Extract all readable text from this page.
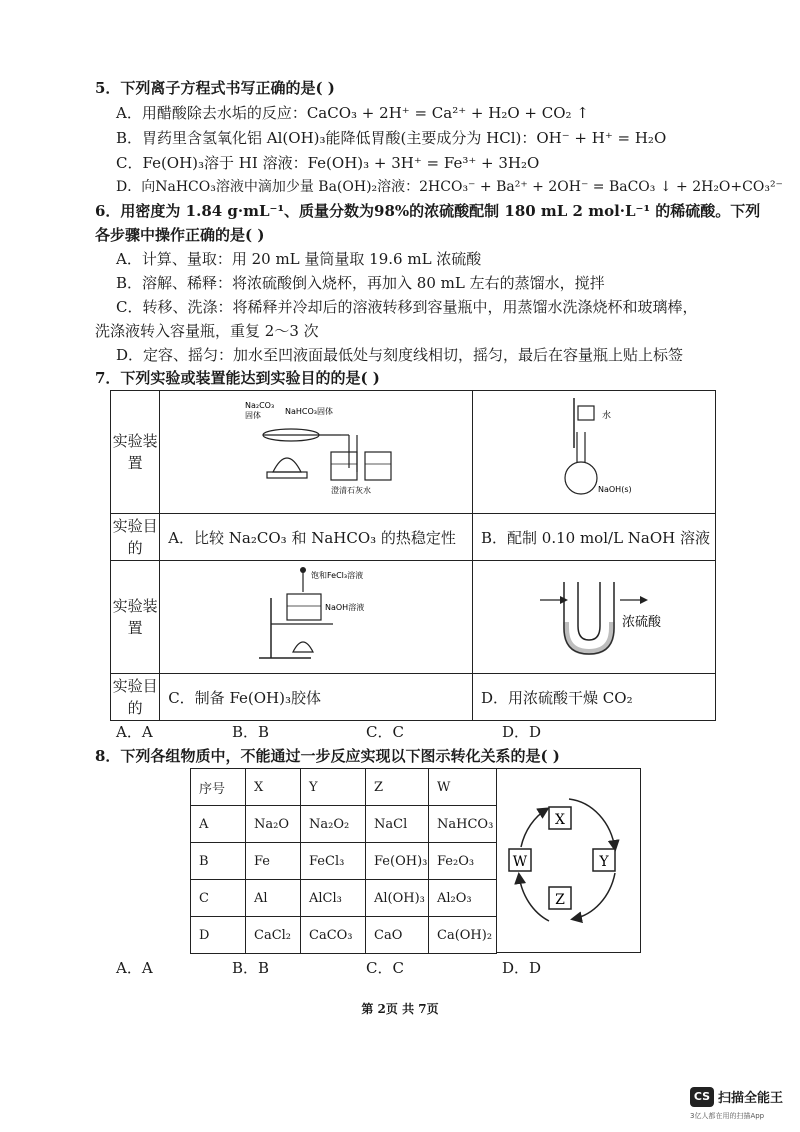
5．下列离子方程式书写正确的是( )
A．用醋酸除去水垢的反应：CaCO₃ + 2H⁺ = Ca²⁺ + H₂O + CO₂ ↑
B．胃药里含氢氧化铝 Al(OH)₃能降低胃酸(主要成分为 HCl)：OH⁻ + H⁺ = H₂O
C．Fe(OH)₃溶于 HI 溶液：Fe(OH)₃ + 3H⁺ = Fe³⁺ + 3H₂O
D．向NaHCO₃溶液中滴加少量 Ba(OH)₂溶液：2HCO₃⁻ + Ba²⁺ + 2OH⁻ = BaCO₃ ↓ + 2H₂O+CO₃²⁻
6．用密度为 1.84 g·mL⁻¹、质量分数为98%的浓硫酸配制 180 mL 2 mol·L⁻¹ 的稀硫酸。下列
各步骤中操作正确的是( )
A．计算、量取：用 20 mL 量筒量取 19.6 mL 浓硫酸
B．溶解、稀释：将浓硫酸倒入烧杯，再加入 80 mL 左右的蒸馏水，搅拌
C．转移、洗涤：将稀释并冷却后的溶液转移到容量瓶中，用蒸馏水洗涤烧杯和玻璃棒，
洗涤液转入容量瓶，重复 2～3 次
D．定容、摇匀：加水至凹液面最低处与刻度线相切，摇匀，最后在容量瓶上贴上标签
7．下列实验或装置能达到实验目的的是( )
实验装置	Na₂CO₃
固体 NaHCO₃固体
澄清石灰水	水
NaOH(s)

实验目的	A．比较 Na₂CO₃ 和 NaHCO₃ 的热稳定性	B．配制 0.10 mol/L NaOH 溶液
实验装置	饱和FeCl₃溶液
NaOH溶液	浓硫酸

实验目的	C．制备 Fe(OH)₃胶体	D．用浓硫酸干燥 CO₂
A．A	B．B	C．C	D．D
8．下列各组物质中，不能通过一步反应实现以下图示转化关系的是( )
序号	X	Y	Z	W
A	Na₂O	Na₂O₂	NaCl	NaHCO₃
B	Fe	FeCl₃	Fe(OH)₃	Fe₂O₃
C	Al	AlCl₃	Al(OH)₃	Al₂O₃
D	CaCl₂	CaCO₃	CaO	Ca(OH)₂
X
Y
Z
W
A．A	B．B	C．C	D．D
第 2页 共 7页
CS 扫描全能王
3亿人都在用的扫描App
